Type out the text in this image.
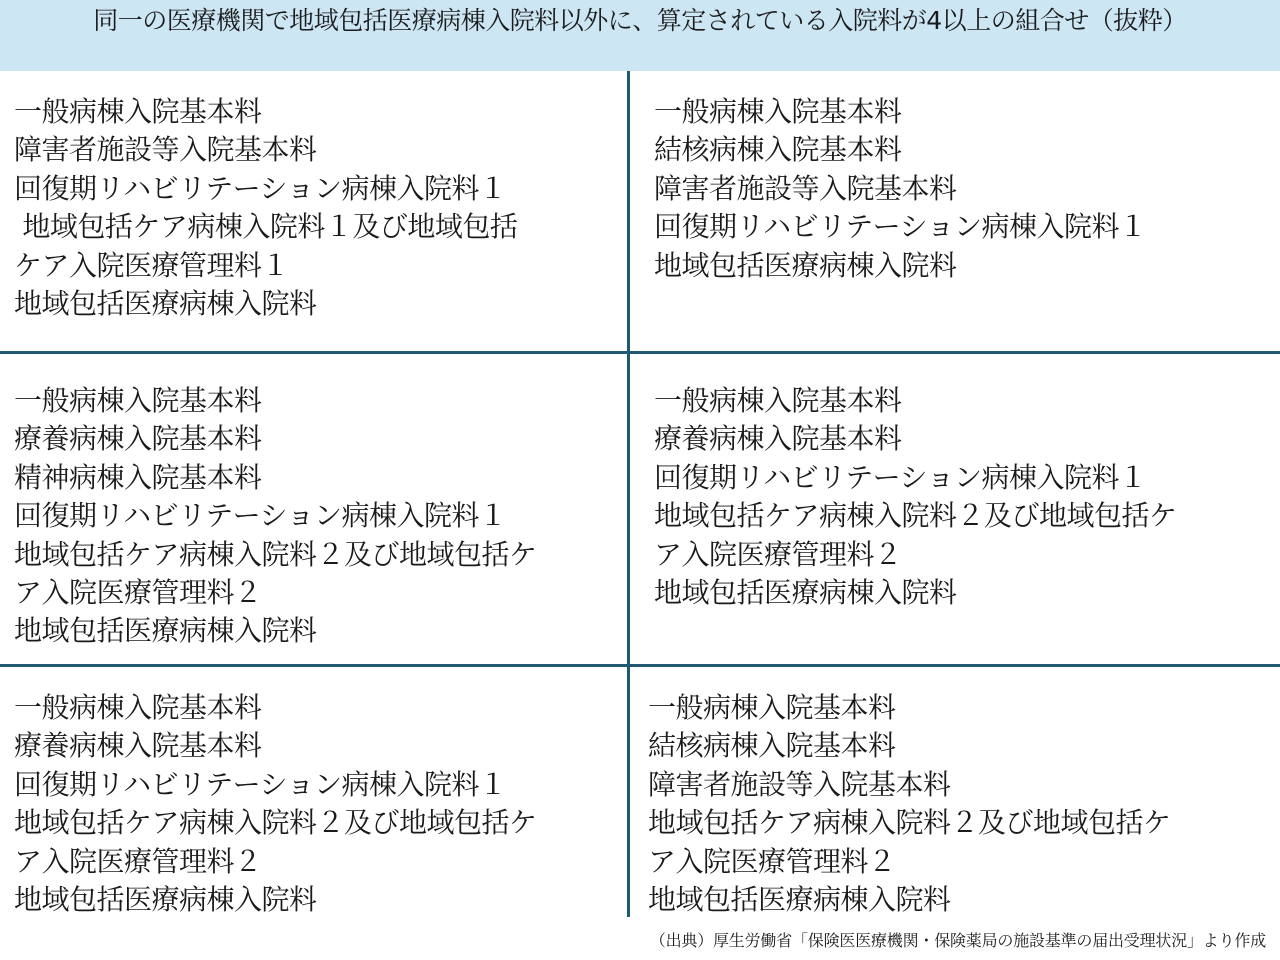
同一の医療機関で地域包括医療病棟入院料以外に、算定されている入院料が4以上の組合せ（抜粋）
一般病棟入院基本料
障害者施設等入院基本料
回復期リハビリテーション病棟入院料１
地域包括ケア病棟入院料１及び地域包括
ケア入院医療管理料１
地域包括医療病棟入院料
一般病棟入院基本料
結核病棟入院基本料
障害者施設等入院基本料
回復期リハビリテーション病棟入院料１
地域包括医療病棟入院料
一般病棟入院基本料
療養病棟入院基本料
精神病棟入院基本料
回復期リハビリテーション病棟入院料１
地域包括ケア病棟入院料２及び地域包括ケ
ア入院医療管理料２
地域包括医療病棟入院料
一般病棟入院基本料
療養病棟入院基本料
回復期リハビリテーション病棟入院料１
地域包括ケア病棟入院料２及び地域包括ケ
ア入院医療管理料２
地域包括医療病棟入院料
一般病棟入院基本料
療養病棟入院基本料
回復期リハビリテーション病棟入院料１
地域包括ケア病棟入院料２及び地域包括ケ
ア入院医療管理料２
地域包括医療病棟入院料
一般病棟入院基本料
結核病棟入院基本料
障害者施設等入院基本料
地域包括ケア病棟入院料２及び地域包括ケ
ア入院医療管理料２
地域包括医療病棟入院料
（出典）厚生労働省「保険医医療機関・保険薬局の施設基準の届出受理状況」より作成
